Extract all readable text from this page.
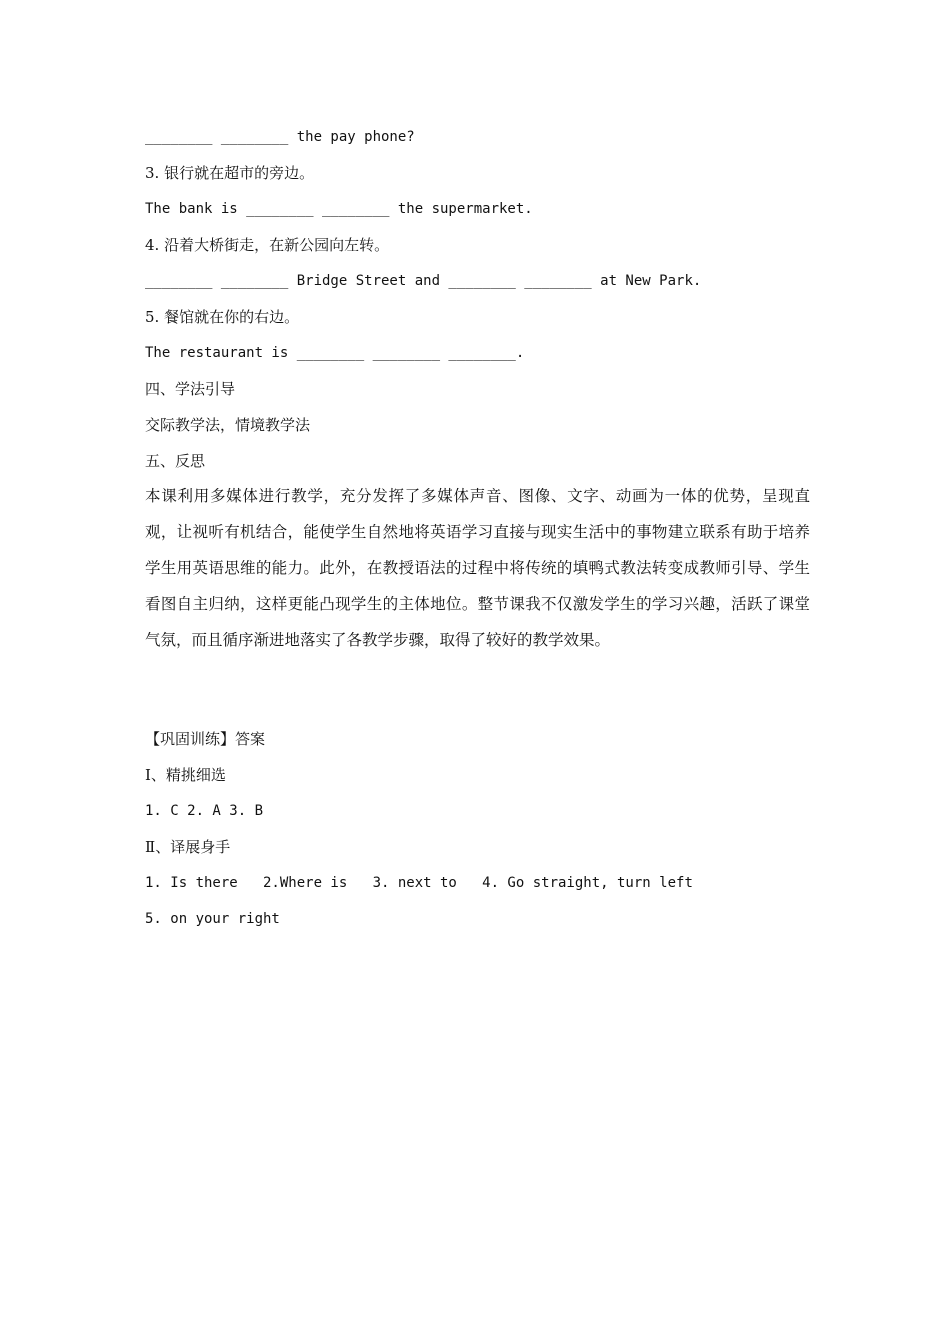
________ ________ the pay phone?
3. 银行就在超市的旁边。
The bank is ________ ________ the supermarket.
4. 沿着大桥街走，在新公园向左转。
________ ________ Bridge Street and ________ ________ at New Park.
5. 餐馆就在你的右边。
The restaurant is ________ ________ ________.
四、学法引导
交际教学法，情境教学法
五、反思
本课利用多媒体进行教学，充分发挥了多媒体声音、图像、文字、动画为一体的优势，呈现直观，让视听有机结合，能使学生自然地将英语学习直接与现实生活中的事物建立联系有助于培养学生用英语思维的能力。此外，在教授语法的过程中将传统的填鸭式教法转变成教师引导、学生看图自主归纳，这样更能凸现学生的主体地位。整节课我不仅激发学生的学习兴趣，活跃了课堂气氛，而且循序渐进地落实了各教学步骤，取得了较好的教学效果。
【巩固训练】答案
Ⅰ、精挑细选
1. C 2. A 3. B
Ⅱ、译展身手
1. Is there   2.Where is   3. next to   4. Go straight, turn left
5. on your right
